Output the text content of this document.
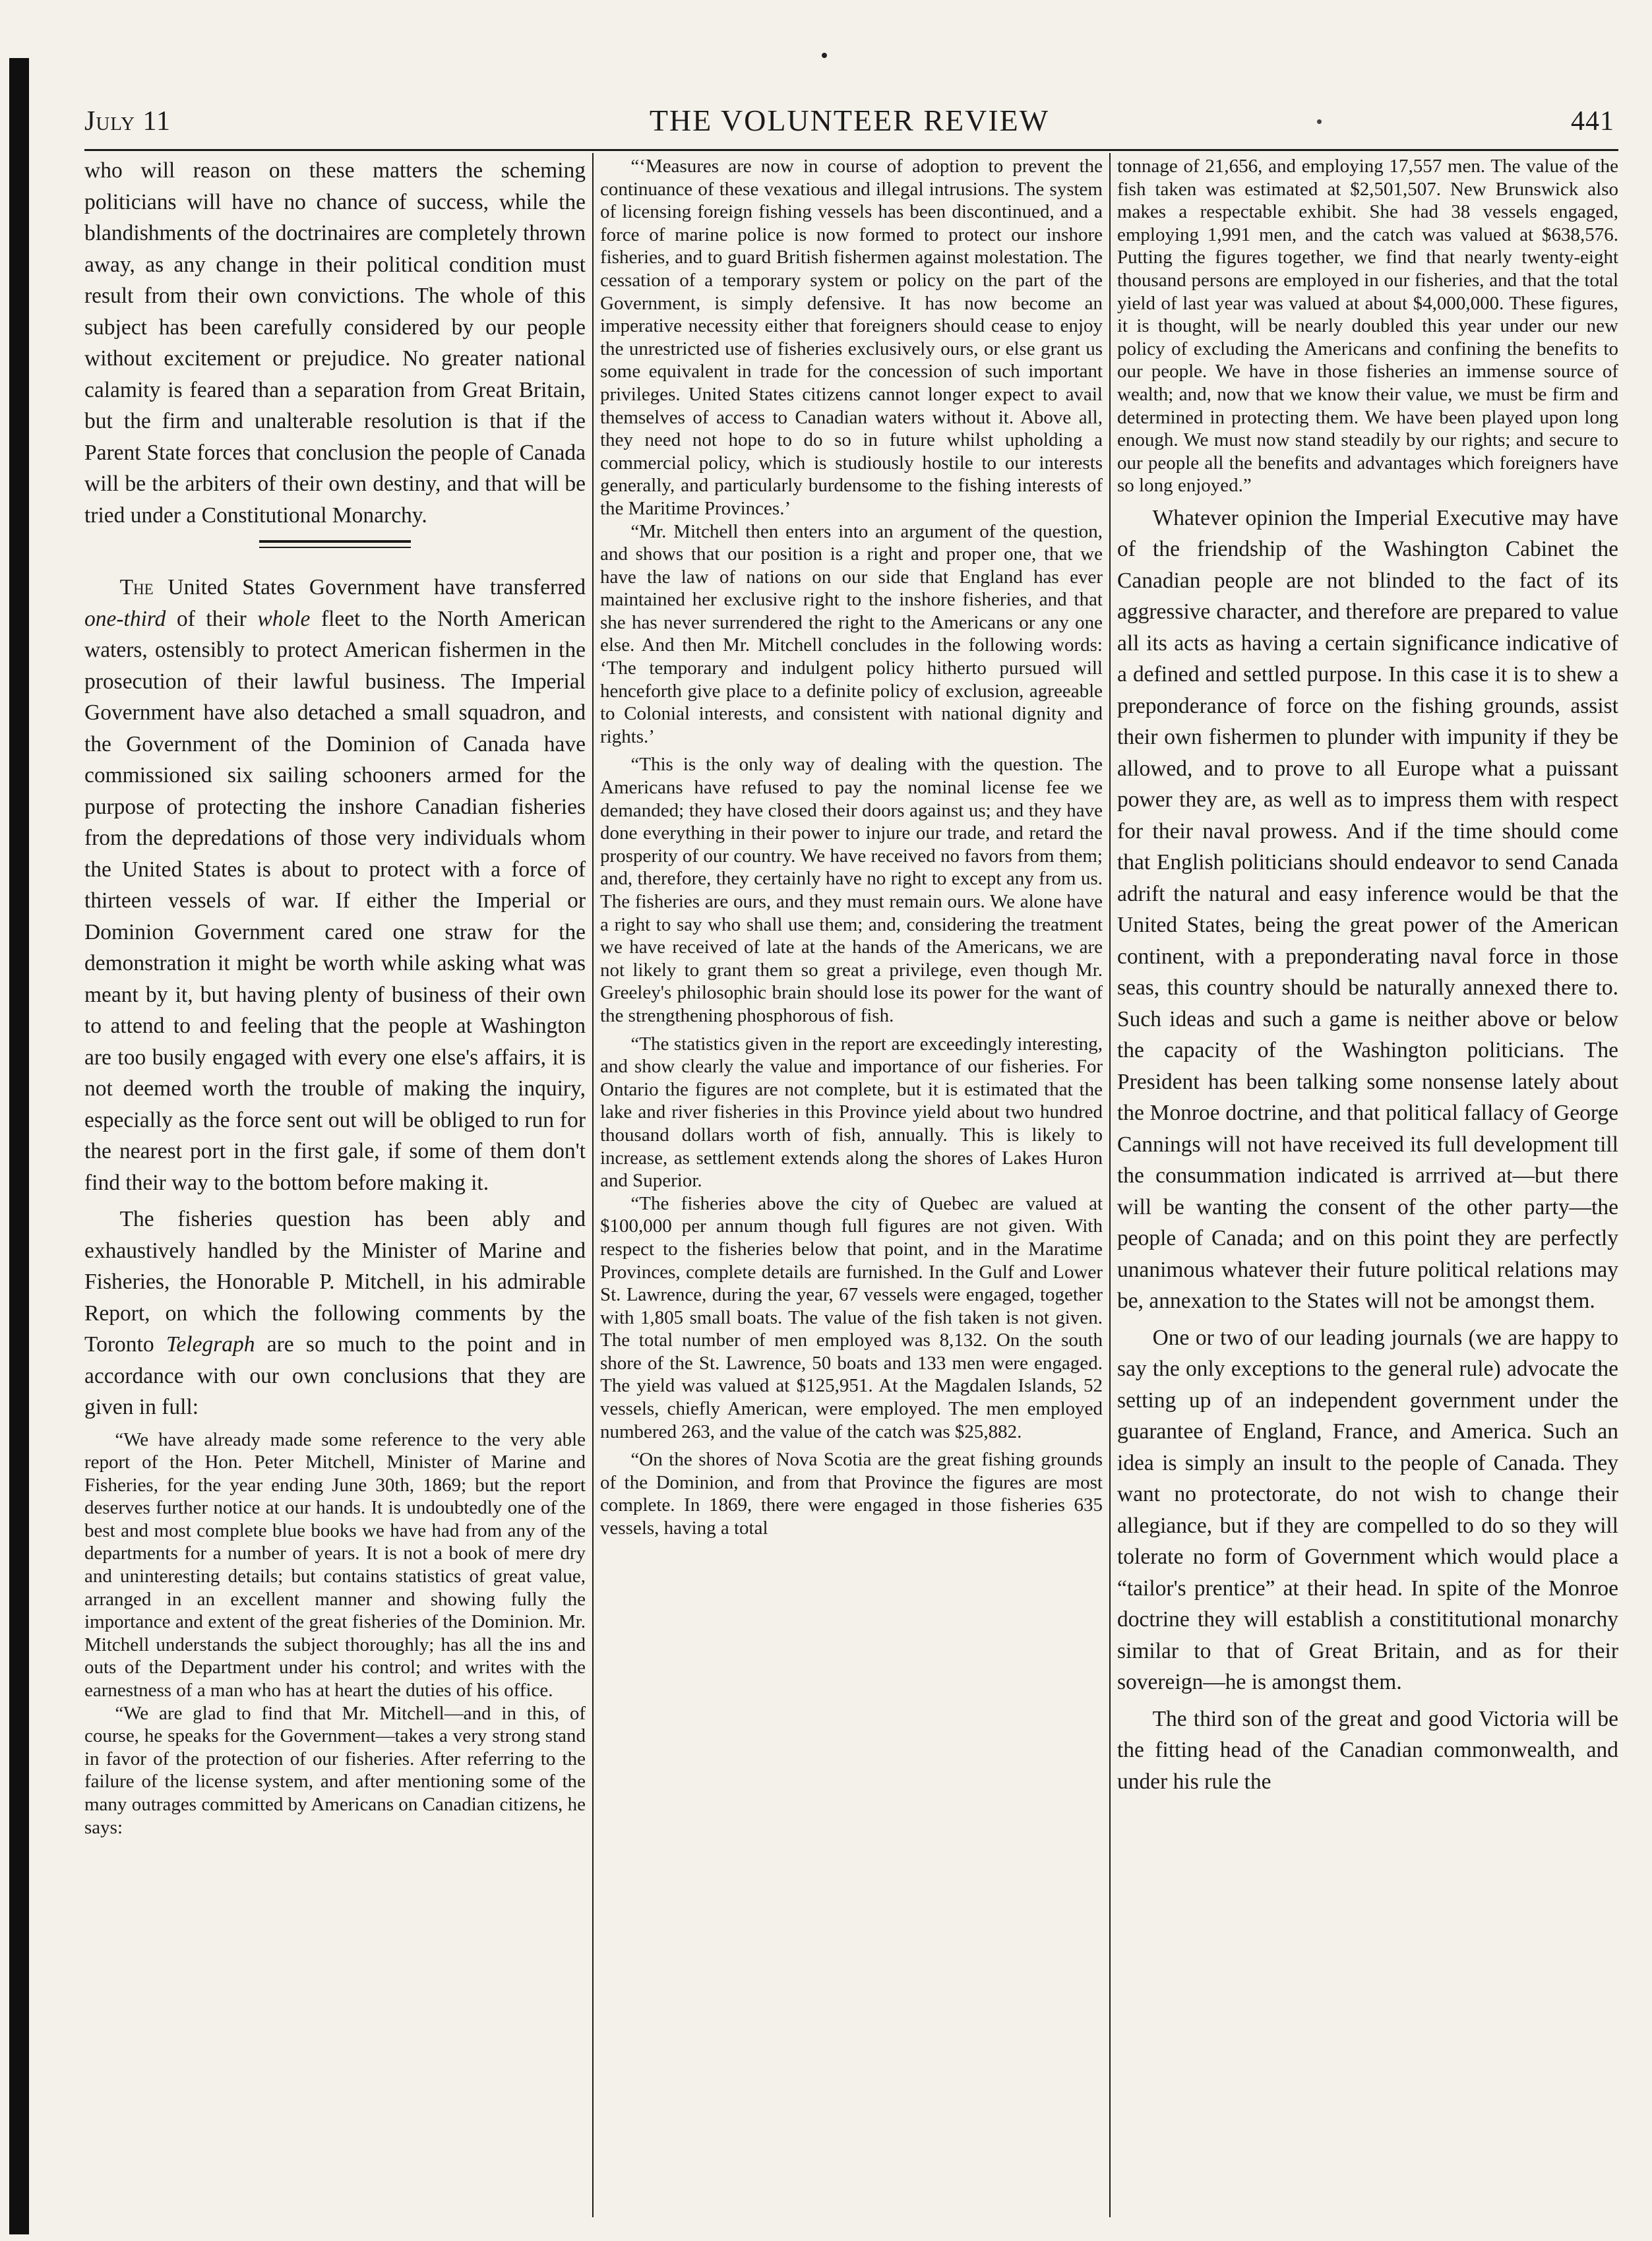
July 11	THE VOLUNTEER REVIEW	441

who will reason on these matters the scheming politicians will have no chance of success, while the blandishments of the doctrinaires are completely thrown away, as any change in their political condition must result from their own convictions. The whole of this subject has been carefully considered by our people without excitement or prejudice. No greater national calamity is feared than a separation from Great Britain, but the firm and unalterable resolution is that if the Parent State forces that conclusion the people of Canada will be the arbiters of their own destiny, and that will be tried under a Constitutional Monarchy.

The United States Government have transferred one-third of their whole fleet to the North American waters, ostensibly to protect American fishermen in the prosecution of their lawful business. The Imperial Government have also detached a small squadron, and the Government of the Dominion of Canada have commissioned six sailing schooners armed for the purpose of protecting the inshore Canadian fisheries from the depredations of those very individuals whom the United States is about to protect with a force of thirteen vessels of war. If either the Imperial or Dominion Government cared one straw for the demonstration it might be worth while asking what was meant by it, but having plenty of business of their own to attend to and feeling that the people at Washington are too busily engaged with every one else's affairs, it is not deemed worth the trouble of making the inquiry, especially as the force sent out will be obliged to run for the nearest port in the first gale, if some of them don't find their way to the bottom before making it.

The fisheries question has been ably and exhaustively handled by the Minister of Marine and Fisheries, the Honorable P. Mitchell, in his admirable Report, on which the following comments by the Toronto Telegraph are so much to the point and in accordance with our own conclusions that they are given in full:

“We have already made some reference to the very able report of the Hon. Peter Mitchell, Minister of Marine and Fisheries, for the year ending June 30th, 1869; but the report deserves further notice at our hands. It is undoubtedly one of the best and most complete blue books we have had from any of the departments for a number of years. It is not a book of mere dry and uninteresting details; but contains statistics of great value, arranged in an excellent manner and showing fully the importance and extent of the great fisheries of the Dominion. Mr. Mitchell understands the subject thoroughly; has all the ins and outs of the Department under his control; and writes with the earnestness of a man who has at heart the duties of his office.

“We are glad to find that Mr. Mitchell—and in this, of course, he speaks for the Government—takes a very strong stand in favor of the protection of our fisheries. After referring to the failure of the license system, and after mentioning some of the many outrages committed by Americans on Canadian citizens, he says:

“‘Measures are now in course of adoption to prevent the continuance of these vexatious and illegal intrusions. The system of licensing foreign fishing vessels has been discontinued, and a force of marine police is now formed to protect our inshore fisheries, and to guard British fishermen against molestation. The cessation of a temporary system or policy on the part of the Government, is simply defensive. It has now become an imperative necessity either that foreigners should cease to enjoy the unrestricted use of fisheries exclusively ours, or else grant us some equivalent in trade for the concession of such important privileges. United States citizens cannot longer expect to avail themselves of access to Canadian waters without it. Above all, they need not hope to do so in future whilst upholding a commercial policy, which is studiously hostile to our interests generally, and particularly burdensome to the fishing interests of the Maritime Provinces.’

“Mr. Mitchell then enters into an argument of the question, and shows that our position is a right and proper one, that we have the law of nations on our side that England has ever maintained her exclusive right to the inshore fisheries, and that she has never surrendered the right to the Americans or any one else. And then Mr. Mitchell concludes in the following words: ‘The temporary and indulgent policy hitherto pursued will henceforth give place to a definite policy of exclusion, agreeable to Colonial interests, and consistent with national dignity and rights.’

“This is the only way of dealing with the question. The Americans have refused to pay the nominal license fee we demanded; they have closed their doors against us; and they have done everything in their power to injure our trade, and retard the prosperity of our country. We have received no favors from them; and, therefore, they certainly have no right to except any from us. The fisheries are ours, and they must remain ours. We alone have a right to say who shall use them; and, considering the treatment we have received of late at the hands of the Americans, we are not likely to grant them so great a privilege, even though Mr. Greeley's philosophic brain should lose its power for the want of the strengthening phosphorous of fish.

“The statistics given in the report are exceedingly interesting, and show clearly the value and importance of our fisheries. For Ontario the figures are not complete, but it is estimated that the lake and river fisheries in this Province yield about two hundred thousand dollars worth of fish, annually. This is likely to increase, as settlement extends along the shores of Lakes Huron and Superior.

“The fisheries above the city of Quebec are valued at $100,000 per annum though full figures are not given. With respect to the fisheries below that point, and in the Maratime Provinces, complete details are furnished. In the Gulf and Lower St. Lawrence, during the year, 67 vessels were engaged, together with 1,805 small boats. The value of the fish taken is not given. The total number of men employed was 8,132. On the south shore of the St. Lawrence, 50 boats and 133 men were engaged. The yield was valued at $125,951. At the Magdalen Islands, 52 vessels, chiefly American, were employed. The men employed numbered 263, and the value of the catch was $25,882.

“On the shores of Nova Scotia are the great fishing grounds of the Dominion, and from that Province the figures are most complete. In 1869, there were engaged in those fisheries 635 vessels, having a total

tonnage of 21,656, and employing 17,557 men. The value of the fish taken was estimated at $2,501,507. New Brunswick also makes a respectable exhibit. She had 38 vessels engaged, employing 1,991 men, and the catch was valued at $638,576. Putting the figures together, we find that nearly twenty-eight thousand persons are employed in our fisheries, and that the total yield of last year was valued at about $4,000,000. These figures, it is thought, will be nearly doubled this year under our new policy of excluding the Americans and confining the benefits to our people. We have in those fisheries an immense source of wealth; and, now that we know their value, we must be firm and determined in protecting them. We have been played upon long enough. We must now stand steadily by our rights; and secure to our people all the benefits and advantages which foreigners have so long enjoyed.”

Whatever opinion the Imperial Executive may have of the friendship of the Washington Cabinet the Canadian people are not blinded to the fact of its aggressive character, and therefore are prepared to value all its acts as having a certain significance indicative of a defined and settled purpose. In this case it is to shew a preponderance of force on the fishing grounds, assist their own fishermen to plunder with impunity if they be allowed, and to prove to all Europe what a puissant power they are, as well as to impress them with respect for their naval prowess. And if the time should come that English politicians should endeavor to send Canada adrift the natural and easy inference would be that the United States, being the great power of the American continent, with a preponderating naval force in those seas, this country should be naturally annexed there to. Such ideas and such a game is neither above or below the capacity of the Washington politicians. The President has been talking some nonsense lately about the Monroe doctrine, and that political fallacy of George Cannings will not have received its full development till the consummation indicated is arrrived at—but there will be wanting the consent of the other party—the people of Canada; and on this point they are perfectly unanimous whatever their future political relations may be, annexation to the States will not be amongst them.

One or two of our leading journals (we are happy to say the only exceptions to the general rule) advocate the setting up of an independent government under the guarantee of England, France, and America. Such an idea is simply an insult to the people of Canada. They want no protectorate, do not wish to change their allegiance, but if they are compelled to do so they will tolerate no form of Government which would place a “tailor's prentice” at their head. In spite of the Monroe doctrine they will establish a constititutional monarchy similar to that of Great Britain, and as for their sovereign—he is amongst them.

The third son of the great and good Victoria will be the fitting head of the Canadian commonwealth, and under his rule the
